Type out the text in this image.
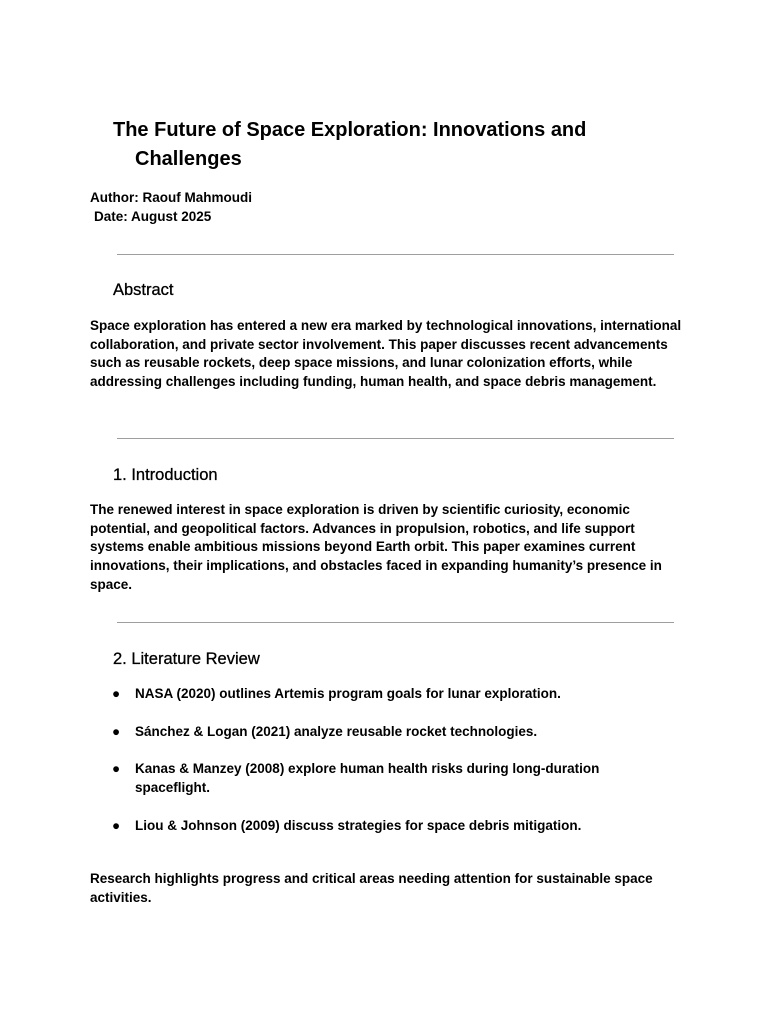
The Future of Space Exploration: Innovations and
Challenges
Author: Raouf Mahmoudi
Date: August 2025
Abstract

Space exploration has entered a new era marked by technological innovations, international collaboration, and private sector involvement. This paper discusses recent advancements such as reusable rockets, deep space missions, and lunar colonization efforts, while addressing challenges including funding, human health, and space debris management.

1. Introduction

The renewed interest in space exploration is driven by scientific curiosity, economic potential, and geopolitical factors. Advances in propulsion, robotics, and life support systems enable ambitious missions beyond Earth orbit. This paper examines current innovations, their implications, and obstacles faced in expanding humanity’s presence in space.

2. Literature Review
● NASA (2020) outlines Artemis program goals for lunar exploration.
● Sánchez & Logan (2021) analyze reusable rocket technologies.
● Kanas & Manzey (2008) explore human health risks during long-duration spaceflight.
● Liou & Johnson (2009) discuss strategies for space debris mitigation.

Research highlights progress and critical areas needing attention for sustainable space activities.
